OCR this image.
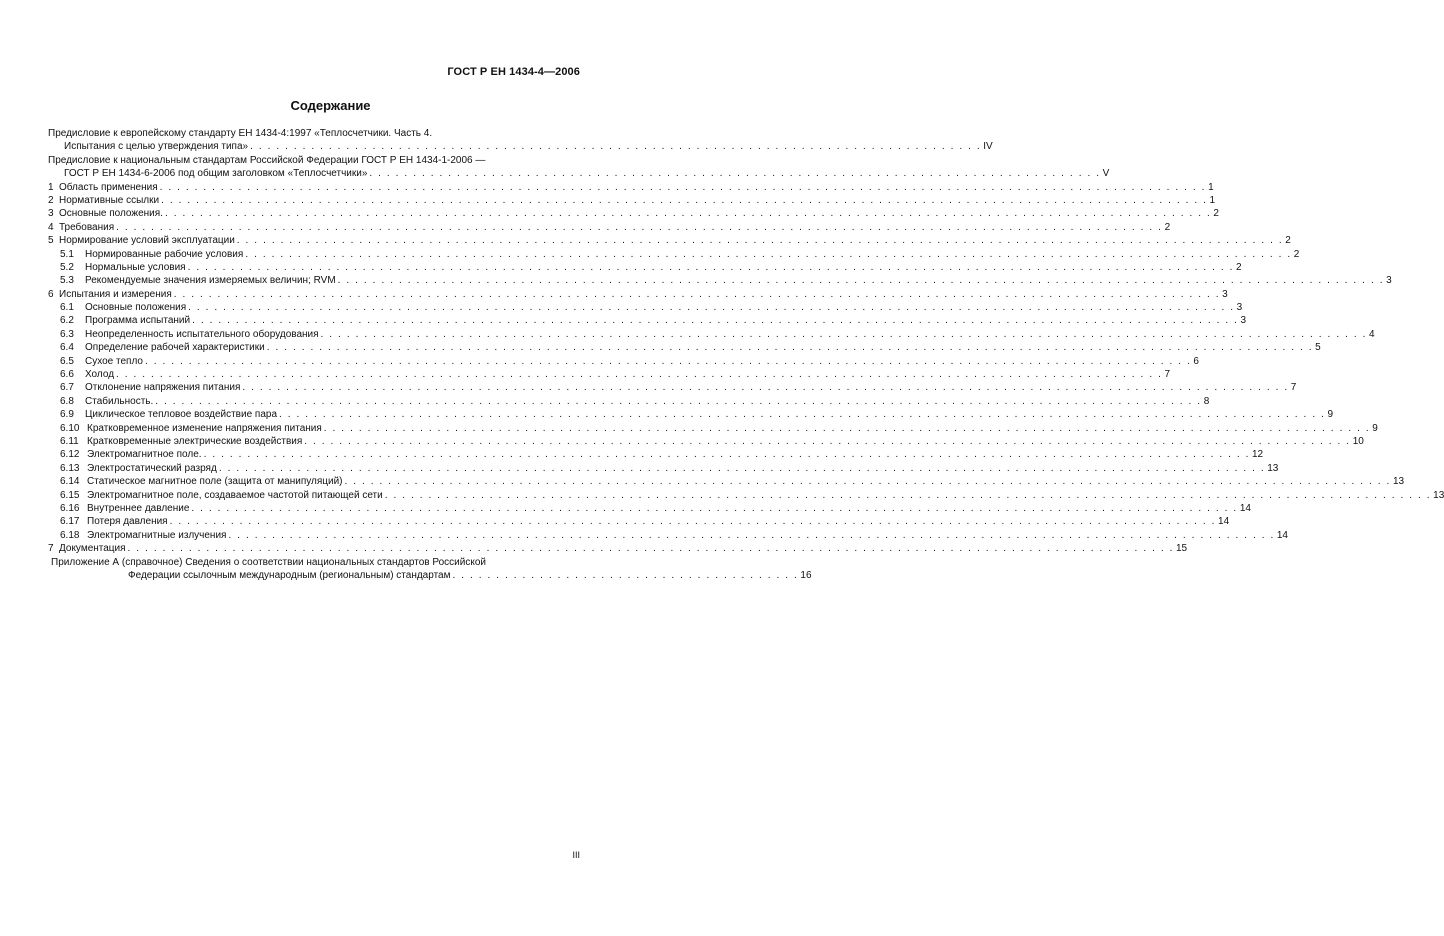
ГОСТ Р ЕН 1434-4—2006
Содержание
Предисловие к европейскому стандарту ЕН 1434-4:1997 «Теплосчетчики. Часть 4.
Испытания с целью утверждения типа» . . . . . . . . . . . . . . . . . . . . . . . . . . . . . . . . . . . . . . . . . . . . . . . . . . . . . . . . . . . . . . . . . . . . . . . . . . . . . . . . . . . . IV
Предисловие к национальным стандартам Российской Федерации ГОСТ Р ЕН 1434-1-2006 —
ГОСТ Р ЕН 1434-6-2006 под общим заголовком «Теплосчетчики» . . . . . . . . . . . . . . . . . . . . . . . . . . . . . . . . . . . . . . . . . . . . . . . . . . . . . . . . . . . . . . . . . . . . . . . . . . . . . . . . . . . . V
1 Область применения . . . . . . . . . . . . . . . . . . . . . . . . . . . . . . . . . . . . . . . . . . . . . . . . . . . . . . . . . . . . . . . . . . . . . . . . . . . . . . . . . . . . . . . . . . . . . . . . . . . . . . . . . . . . . . . . . . . . . . . . 1
2 Нормативные ссылки . . . . . . . . . . . . . . . . . . . . . . . . . . . . . . . . . . . . . . . . . . . . . . . . . . . . . . . . . . . . . . . . . . . . . . . . . . . . . . . . . . . . . . . . . . . . . . . . . . . . . . . . . . . . . . . . . . . . . . . . 1
3 Основные положения. . . . . . . . . . . . . . . . . . . . . . . . . . . . . . . . . . . . . . . . . . . . . . . . . . . . . . . . . . . . . . . . . . . . . . . . . . . . . . . . . . . . . . . . . . . . . . . . . . . . . . . . . . . . . . . . . . . . . . . . . 2
4 Требования . . . . . . . . . . . . . . . . . . . . . . . . . . . . . . . . . . . . . . . . . . . . . . . . . . . . . . . . . . . . . . . . . . . . . . . . . . . . . . . . . . . . . . . . . . . . . . . . . . . . . . . . . . . . . . . . . . . . . . . . 2
5 Нормирование условий эксплуатации . . . . . . . . . . . . . . . . . . . . . . . . . . . . . . . . . . . . . . . . . . . . . . . . . . . . . . . . . . . . . . . . . . . . . . . . . . . . . . . . . . . . . . . . . . . . . . . . . . . . . . . . . . . . . . . . . . . . . . . . 2
5.1 Нормированные рабочие условия . . . . . . . . . . . . . . . . . . . . . . . . . . . . . . . . . . . . . . . . . . . . . . . . . . . . . . . . . . . . . . . . . . . . . . . . . . . . . . . . . . . . . . . . . . . . . . . . . . . . . . . . . . . . . . . . . . . . . . . . 2
5.2 Нормальные условия . . . . . . . . . . . . . . . . . . . . . . . . . . . . . . . . . . . . . . . . . . . . . . . . . . . . . . . . . . . . . . . . . . . . . . . . . . . . . . . . . . . . . . . . . . . . . . . . . . . . . . . . . . . . . . . . . . . . . . . . 2
5.3 Рекомендуемые значения измеряемых величин; RVM . . . . . . . . . . . . . . . . . . . . . . . . . . . . . . . . . . . . . . . . . . . . . . . . . . . . . . . . . . . . . . . . . . . . . . . . . . . . . . . . . . . . . . . . . . . . . . . . . . . . . . . . . . . . . . . . . . . . . . . . 3
6 Испытания и измерения . . . . . . . . . . . . . . . . . . . . . . . . . . . . . . . . . . . . . . . . . . . . . . . . . . . . . . . . . . . . . . . . . . . . . . . . . . . . . . . . . . . . . . . . . . . . . . . . . . . . . . . . . . . . . . . . . . . . . . . . 3
6.1 Основные положения . . . . . . . . . . . . . . . . . . . . . . . . . . . . . . . . . . . . . . . . . . . . . . . . . . . . . . . . . . . . . . . . . . . . . . . . . . . . . . . . . . . . . . . . . . . . . . . . . . . . . . . . . . . . . . . . . . . . . . . . 3
6.2 Программа испытаний . . . . . . . . . . . . . . . . . . . . . . . . . . . . . . . . . . . . . . . . . . . . . . . . . . . . . . . . . . . . . . . . . . . . . . . . . . . . . . . . . . . . . . . . . . . . . . . . . . . . . . . . . . . . . . . . . . . . . . . . 3
6.3 Неопределенность испытательного оборудования . . . . . . . . . . . . . . . . . . . . . . . . . . . . . . . . . . . . . . . . . . . . . . . . . . . . . . . . . . . . . . . . . . . . . . . . . . . . . . . . . . . . . . . . . . . . . . . . . . . . . . . . . . . . . . . . . . . . . . . . 4
6.4 Определение рабочей характеристики . . . . . . . . . . . . . . . . . . . . . . . . . . . . . . . . . . . . . . . . . . . . . . . . . . . . . . . . . . . . . . . . . . . . . . . . . . . . . . . . . . . . . . . . . . . . . . . . . . . . . . . . . . . . . . . . . . . . . . . . 5
6.5 Сухое тепло . . . . . . . . . . . . . . . . . . . . . . . . . . . . . . . . . . . . . . . . . . . . . . . . . . . . . . . . . . . . . . . . . . . . . . . . . . . . . . . . . . . . . . . . . . . . . . . . . . . . . . . . . . . . . . . . . . . . . . . . 6
6.6 Холод . . . . . . . . . . . . . . . . . . . . . . . . . . . . . . . . . . . . . . . . . . . . . . . . . . . . . . . . . . . . . . . . . . . . . . . . . . . . . . . . . . . . . . . . . . . . . . . . . . . . . . . . . . . . . . . . . . . . . . . . 7
6.7 Отклонение напряжения питания . . . . . . . . . . . . . . . . . . . . . . . . . . . . . . . . . . . . . . . . . . . . . . . . . . . . . . . . . . . . . . . . . . . . . . . . . . . . . . . . . . . . . . . . . . . . . . . . . . . . . . . . . . . . . . . . . . . . . . . . 7
6.8 Стабильность. . . . . . . . . . . . . . . . . . . . . . . . . . . . . . . . . . . . . . . . . . . . . . . . . . . . . . . . . . . . . . . . . . . . . . . . . . . . . . . . . . . . . . . . . . . . . . . . . . . . . . . . . . . . . . . . . . . . . . . . . 8
6.9 Циклическое тепловое воздействие пара . . . . . . . . . . . . . . . . . . . . . . . . . . . . . . . . . . . . . . . . . . . . . . . . . . . . . . . . . . . . . . . . . . . . . . . . . . . . . . . . . . . . . . . . . . . . . . . . . . . . . . . . . . . . . . . . . . . . . . . . 9
6.10 Кратковременное изменение напряжения питания . . . . . . . . . . . . . . . . . . . . . . . . . . . . . . . . . . . . . . . . . . . . . . . . . . . . . . . . . . . . . . . . . . . . . . . . . . . . . . . . . . . . . . . . . . . . . . . . . . . . . . . . . . . . . . . . . . . . . . . . 9
6.11 Кратковременные электрические воздействия . . . . . . . . . . . . . . . . . . . . . . . . . . . . . . . . . . . . . . . . . . . . . . . . . . . . . . . . . . . . . . . . . . . . . . . . . . . . . . . . . . . . . . . . . . . . . . . . . . . . . . . . . . . . . . . . . . . . . . . . 10
6.12 Электромагнитное поле. . . . . . . . . . . . . . . . . . . . . . . . . . . . . . . . . . . . . . . . . . . . . . . . . . . . . . . . . . . . . . . . . . . . . . . . . . . . . . . . . . . . . . . . . . . . . . . . . . . . . . . . . . . . . . . . . . . . . . . . . 12
6.13 Электростатический разряд . . . . . . . . . . . . . . . . . . . . . . . . . . . . . . . . . . . . . . . . . . . . . . . . . . . . . . . . . . . . . . . . . . . . . . . . . . . . . . . . . . . . . . . . . . . . . . . . . . . . . . . . . . . . . . . . . . . . . . . . 13
6.14 Статическое магнитное поле (защита от манипуляций) . . . . . . . . . . . . . . . . . . . . . . . . . . . . . . . . . . . . . . . . . . . . . . . . . . . . . . . . . . . . . . . . . . . . . . . . . . . . . . . . . . . . . . . . . . . . . . . . . . . . . . . . . . . . . . . . . . . . . . . . 13
6.15 Электромагнитное поле, создаваемое частотой питающей сети . . . . . . . . . . . . . . . . . . . . . . . . . . . . . . . . . . . . . . . . . . . . . . . . . . . . . . . . . . . . . . . . . . . . . . . . . . . . . . . . . . . . . . . . . . . . . . . . . . . . . . . . . . . . . . . . . . . . . . . . 13
6.16 Внутреннее давление . . . . . . . . . . . . . . . . . . . . . . . . . . . . . . . . . . . . . . . . . . . . . . . . . . . . . . . . . . . . . . . . . . . . . . . . . . . . . . . . . . . . . . . . . . . . . . . . . . . . . . . . . . . . . . . . . . . . . . . . 14
6.17 Потеря давления . . . . . . . . . . . . . . . . . . . . . . . . . . . . . . . . . . . . . . . . . . . . . . . . . . . . . . . . . . . . . . . . . . . . . . . . . . . . . . . . . . . . . . . . . . . . . . . . . . . . . . . . . . . . . . . . . . . . . . . . 14
6.18 Электромагнитные излучения . . . . . . . . . . . . . . . . . . . . . . . . . . . . . . . . . . . . . . . . . . . . . . . . . . . . . . . . . . . . . . . . . . . . . . . . . . . . . . . . . . . . . . . . . . . . . . . . . . . . . . . . . . . . . . . . . . . . . . . . 14
7 Документация . . . . . . . . . . . . . . . . . . . . . . . . . . . . . . . . . . . . . . . . . . . . . . . . . . . . . . . . . . . . . . . . . . . . . . . . . . . . . . . . . . . . . . . . . . . . . . . . . . . . . . . . . . . . . . . . . . . . . . . . 15
Приложение А (справочное) Сведения о соответствии национальных стандартов Российской
Федерации ссылочным международным (региональным) стандартам . . . . . . . . . . . . . . . . . . . . . . . . . . . . . . . . . . . . . . . . 16
III
